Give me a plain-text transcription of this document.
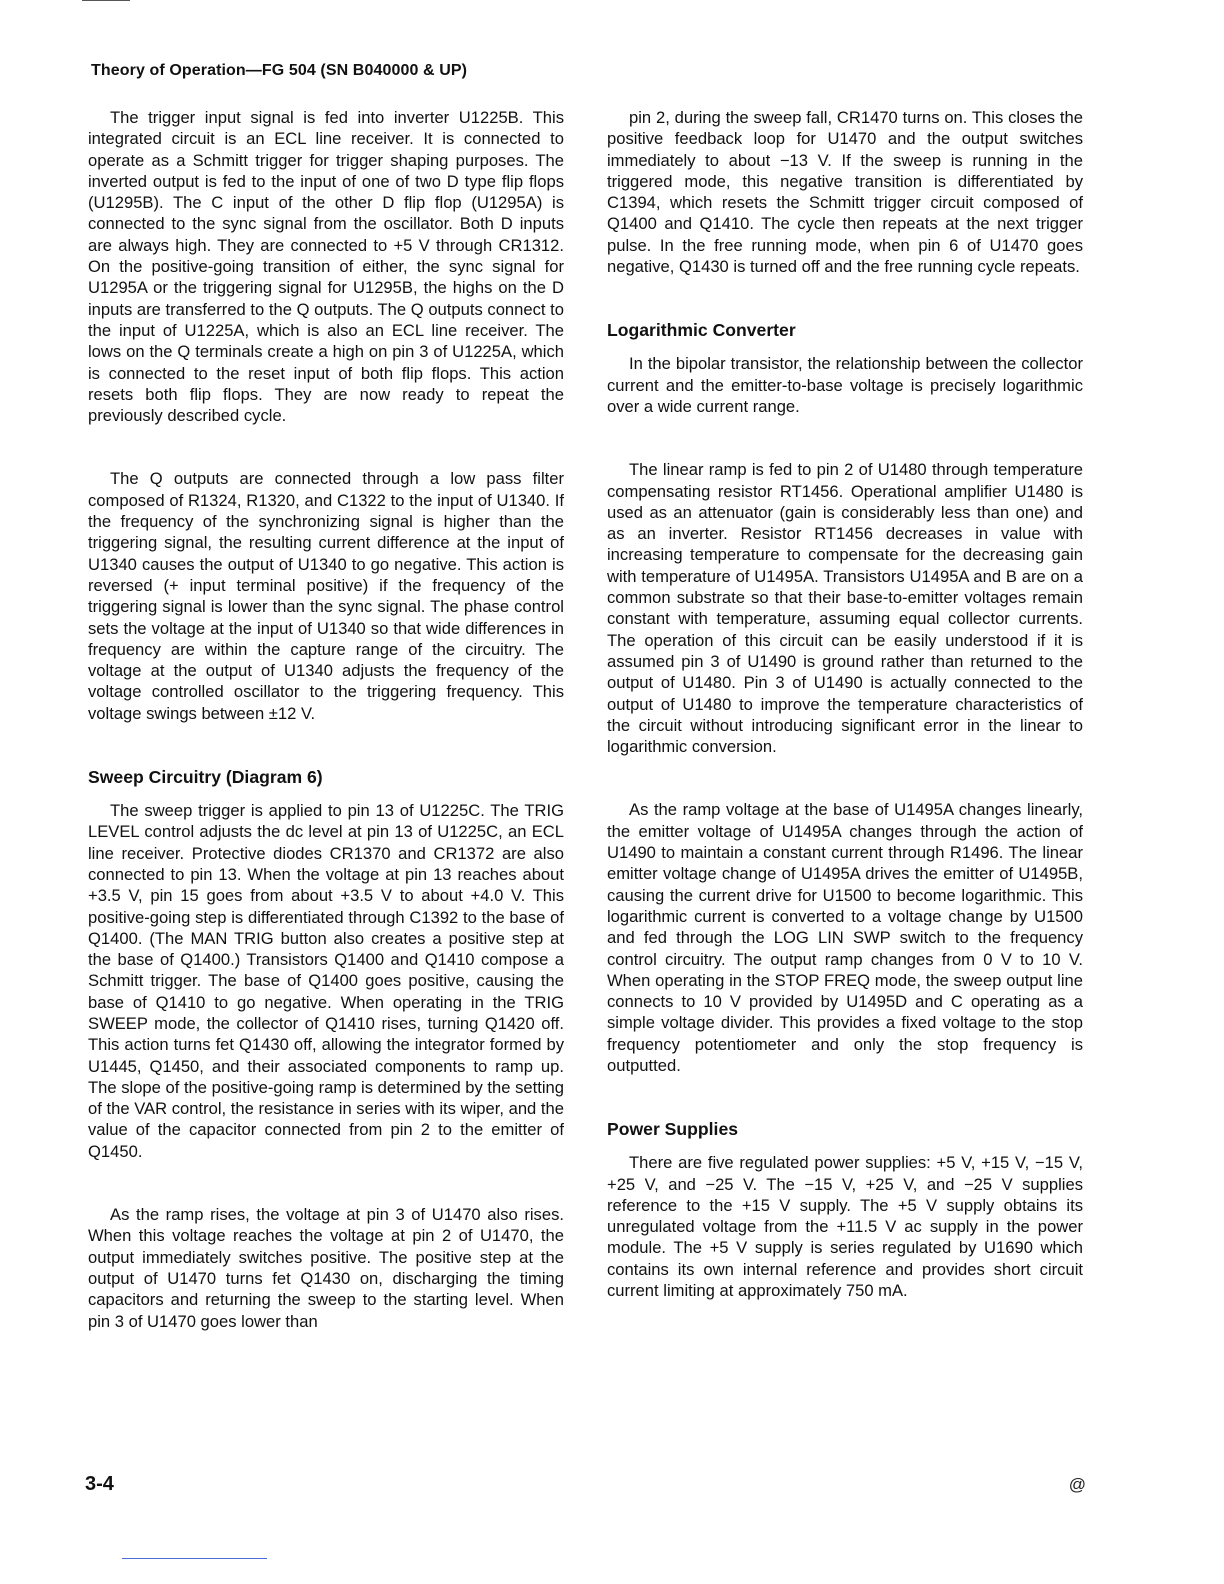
Theory of Operation—FG 504 (SN B040000 & UP)

The trigger input signal is fed into inverter U1225B. This integrated circuit is an ECL line receiver. It is connected to operate as a Schmitt trigger for trigger shaping purposes. The inverted output is fed to the input of one of two D type flip flops (U1295B). The C input of the other D flip flop (U1295A) is connected to the sync signal from the oscillator. Both D inputs are always high. They are connected to +5 V through CR1312. On the positive-going transition of either, the sync signal for U1295A or the triggering signal for U1295B, the highs on the D inputs are transferred to the Q outputs. The Q outputs connect to the input of U1225A, which is also an ECL line receiver. The lows on the Q terminals create a high on pin 3 of U1225A, which is connected to the reset input of both flip flops. This action resets both flip flops. They are now ready to repeat the previously described cycle.

The Q outputs are connected through a low pass filter composed of R1324, R1320, and C1322 to the input of U1340. If the frequency of the synchronizing signal is higher than the triggering signal, the resulting current difference at the input of U1340 causes the output of U1340 to go negative. This action is reversed (+ input terminal positive) if the frequency of the triggering signal is lower than the sync signal. The phase control sets the voltage at the input of U1340 so that wide differences in frequency are within the capture range of the circuitry. The voltage at the output of U1340 adjusts the frequency of the voltage controlled oscillator to the triggering frequency. This voltage swings between ±12 V.

Sweep Circuitry (Diagram 6)

The sweep trigger is applied to pin 13 of U1225C. The TRIG LEVEL control adjusts the dc level at pin 13 of U1225C, an ECL line receiver. Protective diodes CR1370 and CR1372 are also connected to pin 13. When the voltage at pin 13 reaches about +3.5 V, pin 15 goes from about +3.5 V to about +4.0 V. This positive-going step is differentiated through C1392 to the base of Q1400. (The MAN TRIG button also creates a positive step at the base of Q1400.) Transistors Q1400 and Q1410 compose a Schmitt trigger. The base of Q1400 goes positive, causing the base of Q1410 to go negative. When operating in the TRIG SWEEP mode, the collector of Q1410 rises, turning Q1420 off. This action turns fet Q1430 off, allowing the integrator formed by U1445, Q1450, and their associated components to ramp up. The slope of the positive-going ramp is determined by the setting of the VAR control, the resistance in series with its wiper, and the value of the capacitor connected from pin 2 to the emitter of Q1450.

As the ramp rises, the voltage at pin 3 of U1470 also rises. When this voltage reaches the voltage at pin 2 of U1470, the output immediately switches positive. The positive step at the output of U1470 turns fet Q1430 on, discharging the timing capacitors and returning the sweep to the starting level. When pin 3 of U1470 goes lower than

pin 2, during the sweep fall, CR1470 turns on. This closes the positive feedback loop for U1470 and the output switches immediately to about −13 V. If the sweep is running in the triggered mode, this negative transition is differentiated by C1394, which resets the Schmitt trigger circuit composed of Q1400 and Q1410. The cycle then repeats at the next trigger pulse. In the free running mode, when pin 6 of U1470 goes negative, Q1430 is turned off and the free running cycle repeats.

Logarithmic Converter

In the bipolar transistor, the relationship between the collector current and the emitter-to-base voltage is precisely logarithmic over a wide current range.

The linear ramp is fed to pin 2 of U1480 through temperature compensating resistor RT1456. Operational amplifier U1480 is used as an attenuator (gain is considerably less than one) and as an inverter. Resistor RT1456 decreases in value with increasing temperature to compensate for the decreasing gain with temperature of U1495A. Transistors U1495A and B are on a common substrate so that their base-to-emitter voltages remain constant with temperature, assuming equal collector currents. The operation of this circuit can be easily understood if it is assumed pin 3 of U1490 is ground rather than returned to the output of U1480. Pin 3 of U1490 is actually connected to the output of U1480 to improve the temperature characteristics of the circuit without introducing significant error in the linear to logarithmic conversion.

As the ramp voltage at the base of U1495A changes linearly, the emitter voltage of U1495A changes through the action of U1490 to maintain a constant current through R1496. The linear emitter voltage change of U1495A drives the emitter of U1495B, causing the current drive for U1500 to become logarithmic. This logarithmic current is converted to a voltage change by U1500 and fed through the LOG LIN SWP switch to the frequency control circuitry. The output ramp changes from 0 V to 10 V. When operating in the STOP FREQ mode, the sweep output line connects to 10 V provided by U1495D and C operating as a simple voltage divider. This provides a fixed voltage to the stop frequency potentiometer and only the stop frequency is outputted.

Power Supplies

There are five regulated power supplies: +5 V, +15 V, −15 V, +25 V, and −25 V. The −15 V, +25 V, and −25 V supplies reference to the +15 V supply. The +5 V supply obtains its unregulated voltage from the +11.5 V ac supply in the power module. The +5 V supply is series regulated by U1690 which contains its own internal reference and provides short circuit current limiting at approximately 750 mA.

3-4	@
